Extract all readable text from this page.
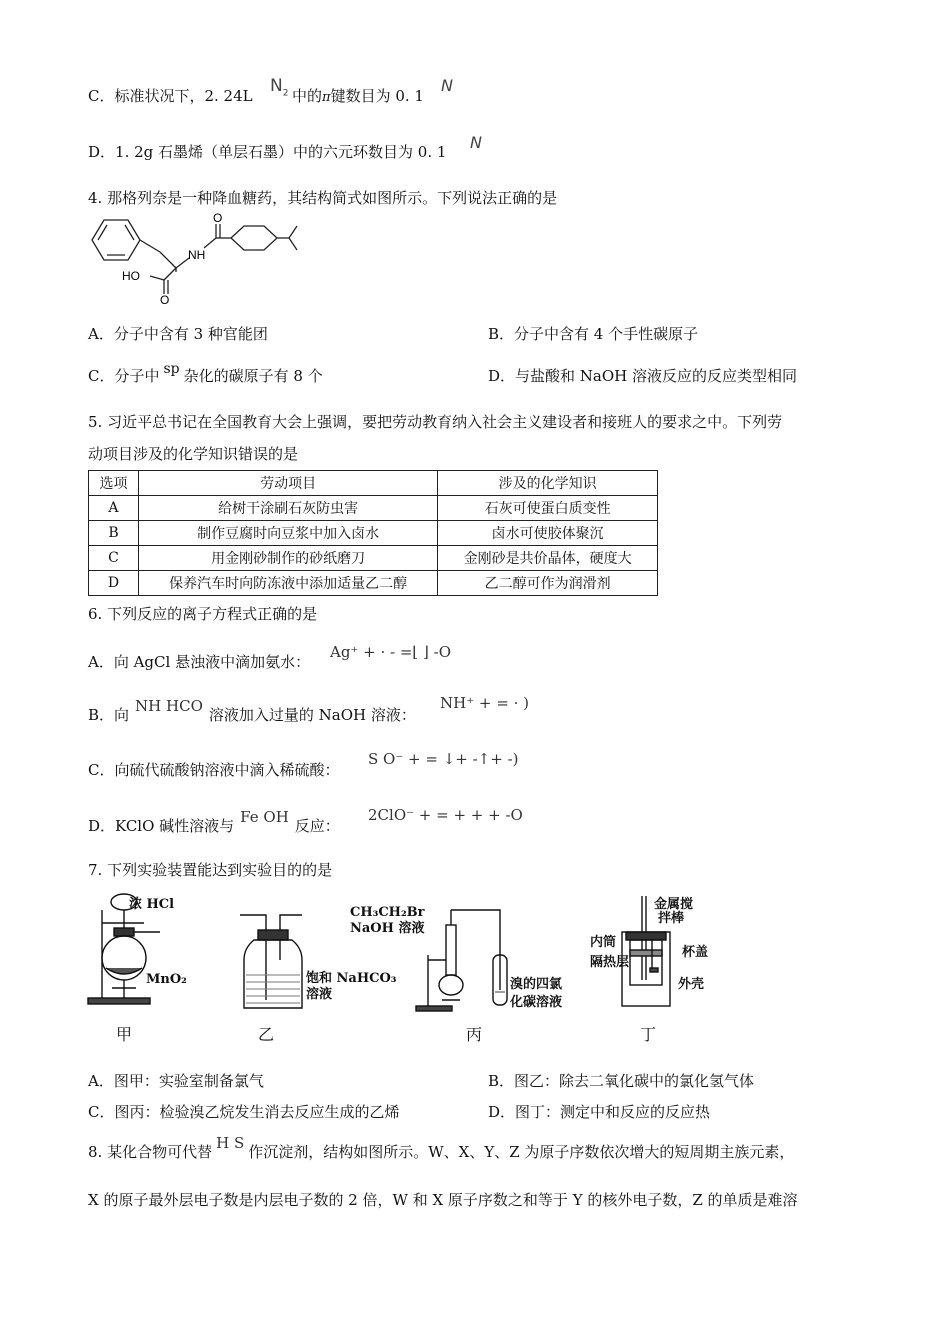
C．标准状况下，2. 24L $N_2$ 中的π键数目为 0. 1
N
D．1. 2g 石墨烯（单层石墨）中的六元环数目为 0. 1 N
4. 那格列奈是一种降血糖药，其结构简式如图所示。下列说法正确的是
O
NH
HO
O
A．分子中含有 3 种官能团	B．分子中含有 4 个手性碳原子
C．分子中 sp 杂化的碳原子有 8 个	D．与盐酸和 NaOH 溶液反应的反应类型相同
5. 习近平总书记在全国教育大会上强调，要把劳动教育纳入社会主义建设者和接班人的要求之中。下列劳
动项目涉及的化学知识错误的是
选项	劳动项目	涉及的化学知识
A	给树干涂刷石灰防虫害	石灰可使蛋白质变性
B	制作豆腐时向豆浆中加入卤水	卤水可使胶体聚沉
C	用金刚砂制作的砂纸磨刀	金刚砂是共价晶体，硬度大
D	保养汽车时向防冻液中添加适量乙二醇	乙二醇可作为润滑剂
6. 下列反应的离子方程式正确的是
A．向 AgCl 悬浊液中滴加氨水：
Ag⁺ + · - =⌊ ⌋ -O
B．向 NH HCO 溶液加入过量的 NaOH 溶液：
NH⁺ + = · )
C．向硫代硫酸钠溶液中滴入稀硫酸：
S O⁻ + = ↓+ -↑+ -)
D．KClO 碱性溶液与 Fe OH 反应：
2ClO⁻ + = + + + -O
7. 下列实验装置能达到实验目的的是
浓 HCl
MnO₂
甲
饱和 NaHCO₃
溶液
乙
CH₃CH₂Br
NaOH 溶液
溴的四氯
化碳溶液
丙
金属搅
拌棒
内筒
杯盖
隔热层
外壳
丁
A．图甲：实验室制备氯气	B．图乙：除去二氧化碳中的氯化氢气体
C．图丙：检验溴乙烷发生消去反应生成的乙烯	D．图丁：测定中和反应的反应热
8. 某化合物可代替 H S 作沉淀剂，结构如图所示。W、X、Y、Z 为原子序数依次增大的短周期主族元素，
X 的原子最外层电子数是内层电子数的 2 倍，W 和 X 原子序数之和等于 Y 的核外电子数，Z 的单质是难溶
